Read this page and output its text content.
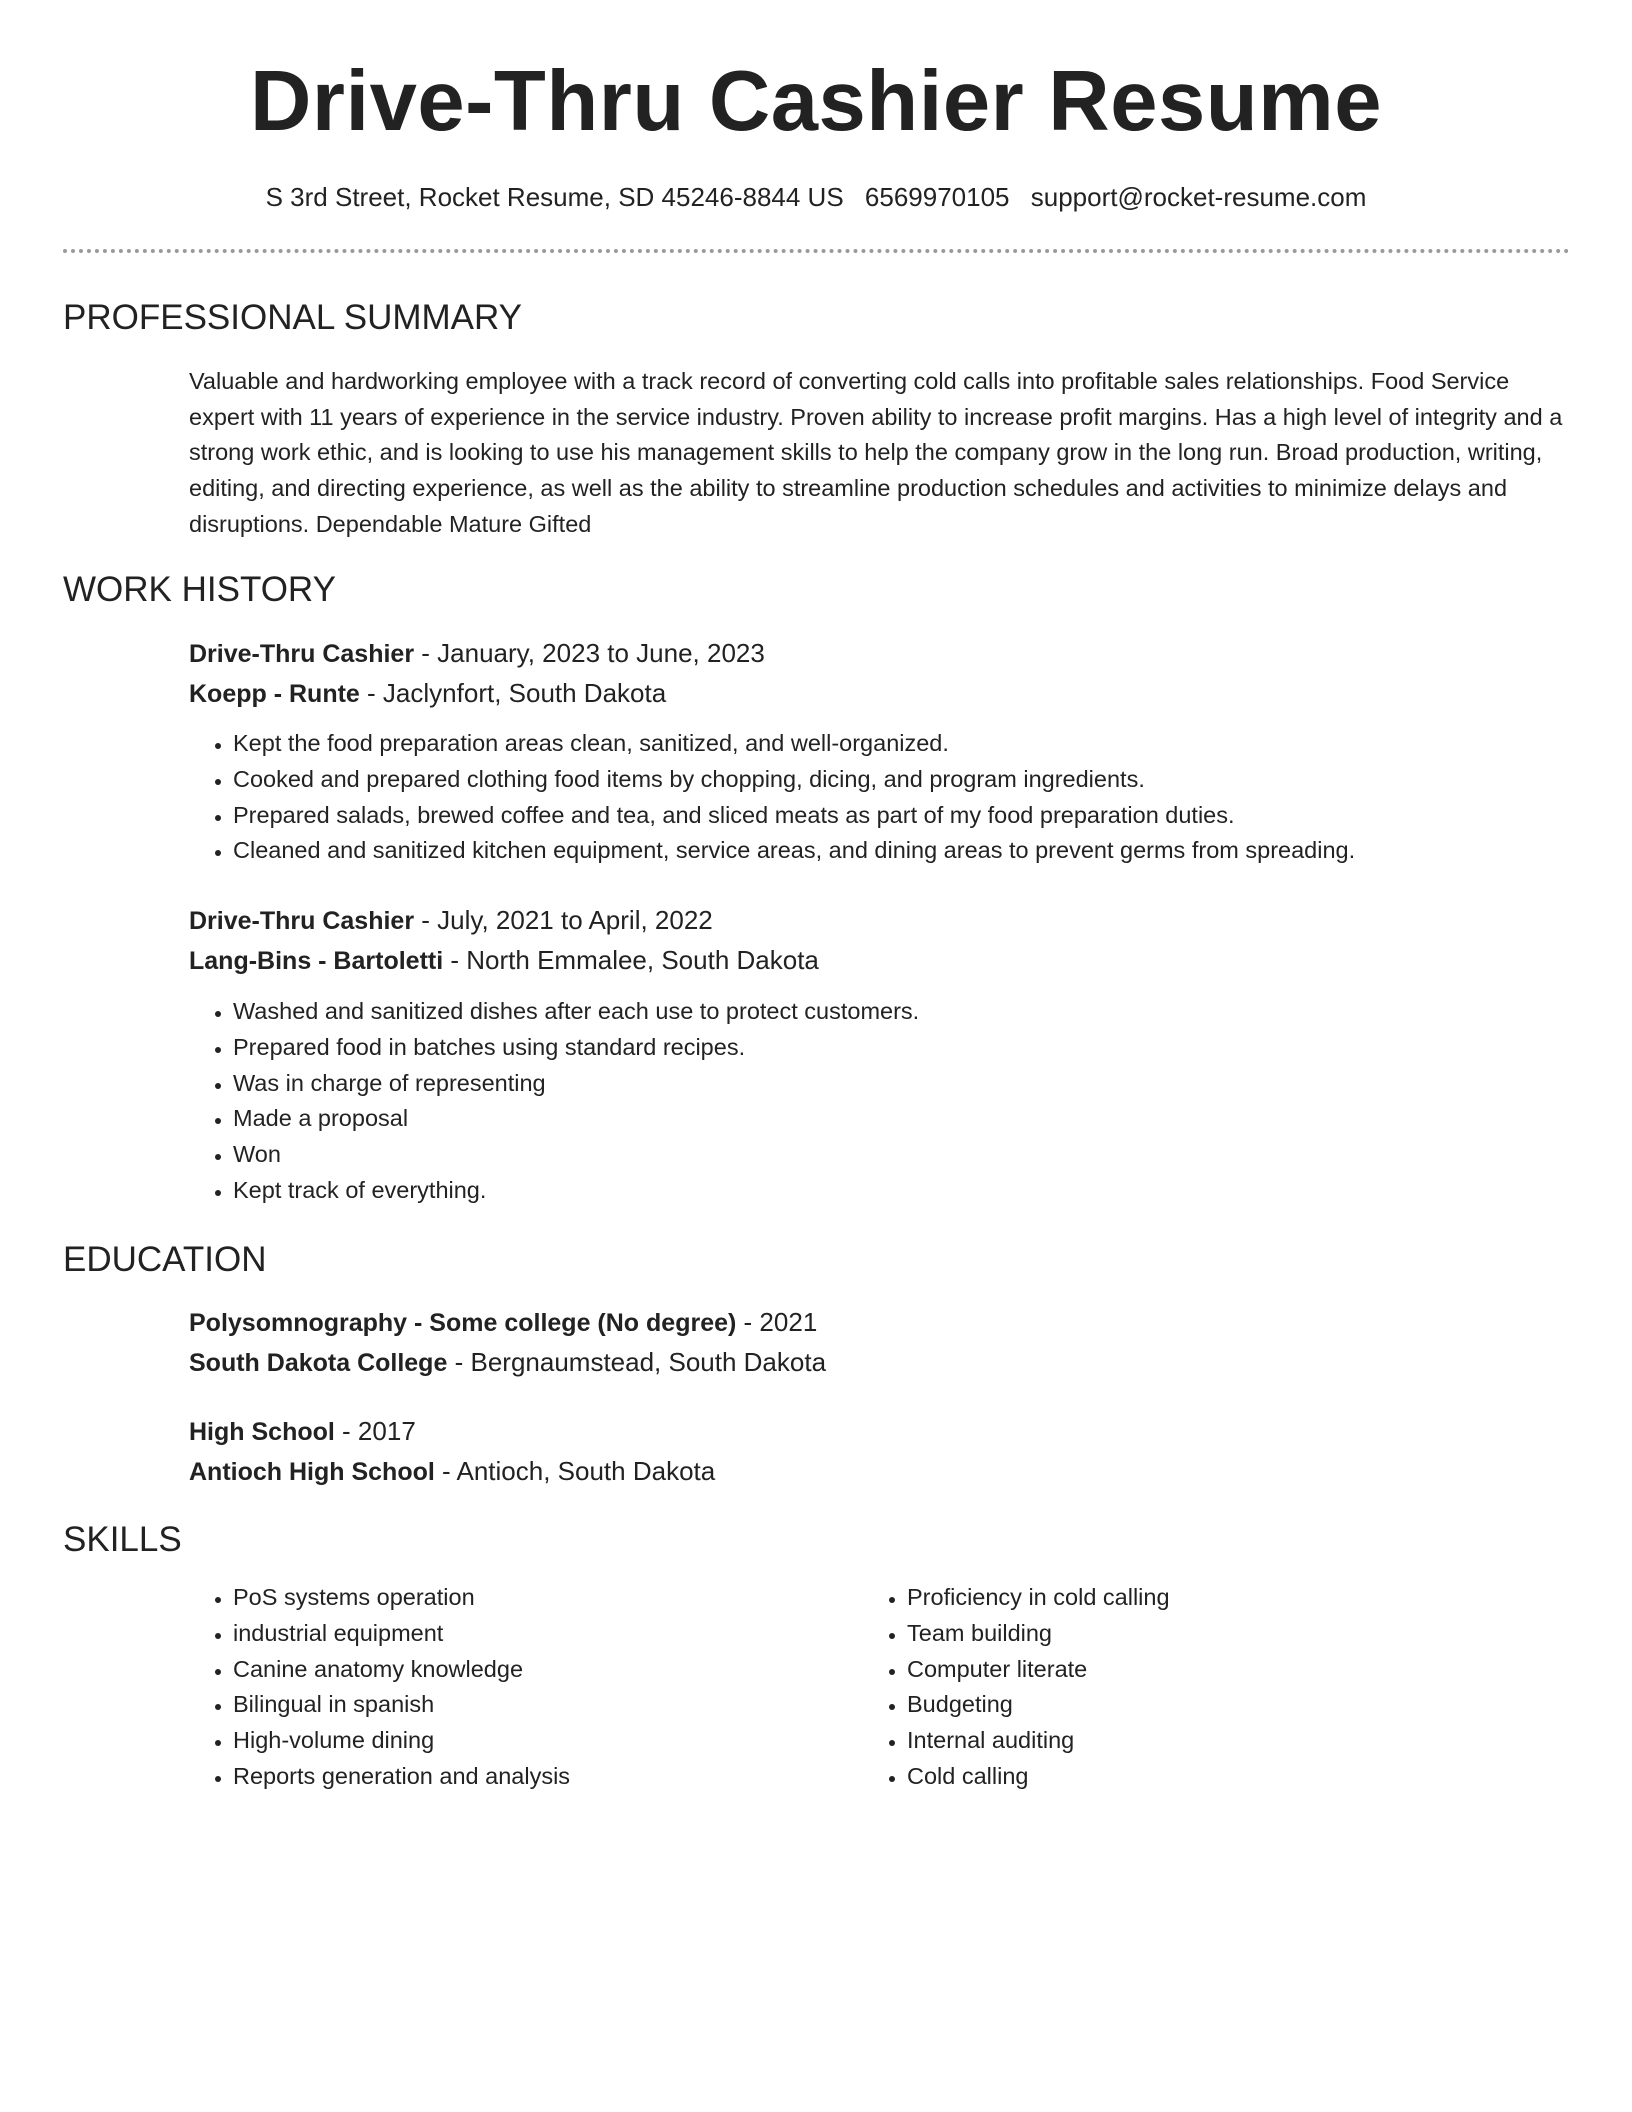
Drive-Thru Cashier Resume
S 3rd Street, Rocket Resume, SD 45246-8844 US 6569970105 support@rocket-resume.com
PROFESSIONAL SUMMARY
Valuable and hardworking employee with a track record of converting cold calls into profitable sales relationships. Food Service expert with 11 years of experience in the service industry. Proven ability to increase profit margins. Has a high level of integrity and a strong work ethic, and is looking to use his management skills to help the company grow in the long run. Broad production, writing, editing, and directing experience, as well as the ability to streamline production schedules and activities to minimize delays and disruptions. Dependable Mature Gifted
WORK HISTORY
Drive-Thru Cashier - January, 2023 to June, 2023
Koepp - Runte - Jaclynfort, South Dakota
• Kept the food preparation areas clean, sanitized, and well-organized.
• Cooked and prepared clothing food items by chopping, dicing, and program ingredients.
• Prepared salads, brewed coffee and tea, and sliced meats as part of my food preparation duties.
• Cleaned and sanitized kitchen equipment, service areas, and dining areas to prevent germs from spreading.
Drive-Thru Cashier - July, 2021 to April, 2022
Lang-Bins - Bartoletti - North Emmalee, South Dakota
• Washed and sanitized dishes after each use to protect customers.
• Prepared food in batches using standard recipes.
• Was in charge of representing
• Made a proposal
• Won
• Kept track of everything.
EDUCATION
Polysomnography - Some college (No degree) - 2021
South Dakota College - Bergnaumstead, South Dakota
High School - 2017
Antioch High School - Antioch, South Dakota
SKILLS
• PoS systems operation
• industrial equipment
• Canine anatomy knowledge
• Bilingual in spanish
• High-volume dining
• Reports generation and analysis
• Proficiency in cold calling
• Team building
• Computer literate
• Budgeting
• Internal auditing
• Cold calling
